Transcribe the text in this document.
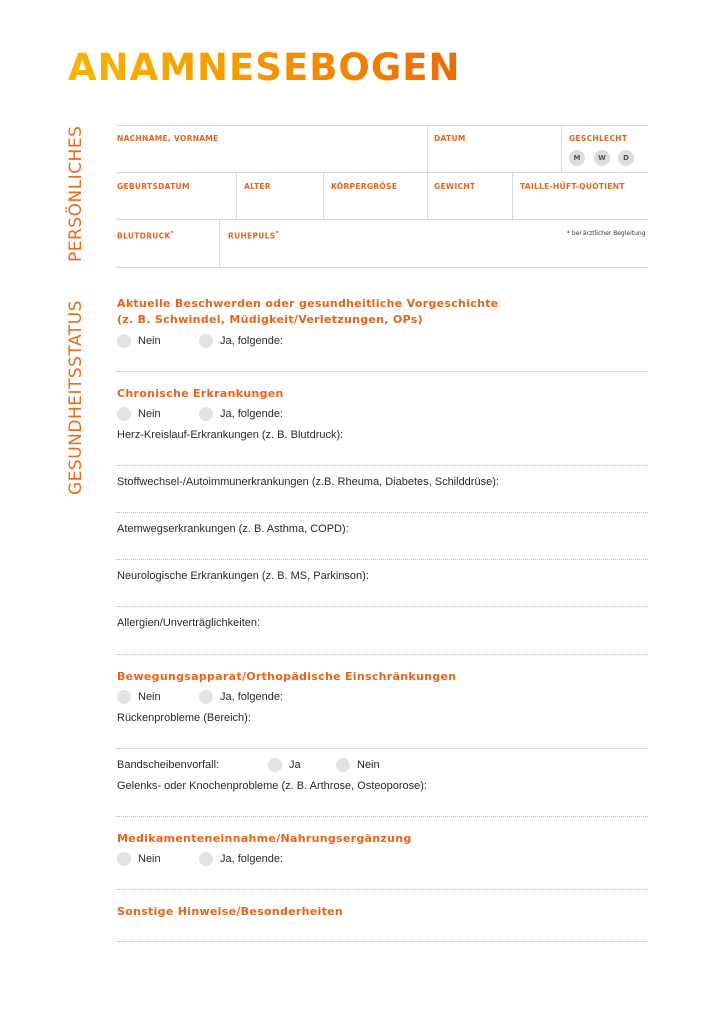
ANAMNESEBOGEN
PERSÖNLICHES
GESUNDHEITSSTATUS
NACHNAME, VORNAME	DATUM	GESCHLECHT
M	W	D
GEBURTSDATUM	ALTER	KÖRPERGRÖSE	GEWICHT	TAILLE-HÜFT-QUOTIENT
BLUTDRUCK*	RUHEPULS*	* bei ärztlicher Begleitung
Aktuelle Beschwerden oder gesundheitliche Vorgeschichte
(z. B. Schwindel, Müdigkeit/Verletzungen, OPs)
Nein	Ja, folgende:
Chronische Erkrankungen
Nein	Ja, folgende:
Herz-Kreislauf-Erkrankungen (z. B. Blutdruck):
Stoffwechsel-/Autoimmunerkrankungen (z.B. Rheuma, Diabetes, Schilddrüse):
Atemwegserkrankungen (z. B. Asthma, COPD):
Neurologische Erkrankungen (z. B. MS, Parkinson):
Allergien/Unverträglichkeiten:
Bewegungsapparat/Orthopädische Einschränkungen
Nein	Ja, folgende:
Rückenprobleme (Bereich):
Bandscheibenvorfall:	Ja	Nein
Gelenks- oder Knochenprobleme (z. B. Arthrose, Osteoporose):
Medikamenteneinnahme/Nahrungsergänzung
Nein	Ja, folgende:
Sonstige Hinweise/Besonderheiten
